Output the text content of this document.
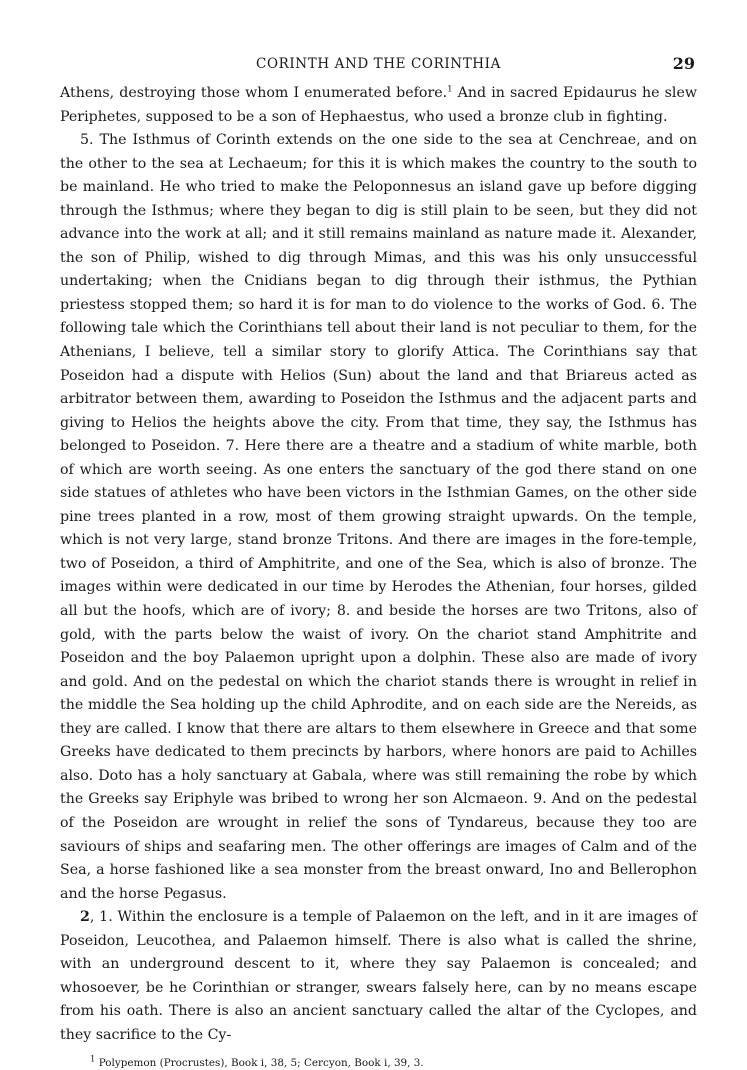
CORINTH AND THE CORINTHIA	29

Athens, destroying those whom I enumerated before.$^1$ And in sacred Epidaurus he slew Periphetes, supposed to be a son of Hephaestus, who used a bronze club in fighting.

5. The Isthmus of Corinth extends on the one side to the sea at Cenchreae, and on the other to the sea at Lechaeum; for this it is which makes the country to the south to be mainland. He who tried to make the Peloponnesus an island gave up before digging through the Isthmus; where they began to dig is still plain to be seen, but they did not advance into the work at all; and it still remains mainland as nature made it. Alexander, the son of Philip, wished to dig through Mimas, and this was his only unsuccessful undertaking; when the Cnidians began to dig through their isthmus, the Pythian priestess stopped them; so hard it is for man to do violence to the works of God. 6. The following tale which the Corinthians tell about their land is not peculiar to them, for the Athenians, I believe, tell a similar story to glorify Attica. The Corinthians say that Poseidon had a dispute with Helios (Sun) about the land and that Briareus acted as arbitrator between them, awarding to Poseidon the Isthmus and the adjacent parts and giving to Helios the heights above the city. From that time, they say, the Isthmus has belonged to Poseidon. 7. Here there are a theatre and a stadium of white marble, both of which are worth seeing. As one enters the sanctuary of the god there stand on one side statues of athletes who have been victors in the Isthmian Games, on the other side pine trees planted in a row, most of them growing straight upwards. On the temple, which is not very large, stand bronze Tritons. And there are images in the fore-temple, two of Poseidon, a third of Amphitrite, and one of the Sea, which is also of bronze. The images within were dedicated in our time by Herodes the Athenian, four horses, gilded all but the hoofs, which are of ivory; 8. and beside the horses are two Tritons, also of gold, with the parts below the waist of ivory. On the chariot stand Amphitrite and Poseidon and the boy Palaemon upright upon a dolphin. These also are made of ivory and gold. And on the pedestal on which the chariot stands there is wrought in relief in the middle the Sea holding up the child Aphrodite, and on each side are the Nereids, as they are called. I know that there are altars to them elsewhere in Greece and that some Greeks have dedicated to them precincts by harbors, where honors are paid to Achilles also. Doto has a holy sanctuary at Gabala, where was still remaining the robe by which the Greeks say Eriphyle was bribed to wrong her son Alcmaeon. 9. And on the pedestal of the Poseidon are wrought in relief the sons of Tyndareus, because they too are saviours of ships and seafaring men. The other offerings are images of Calm and of the Sea, a horse fashioned like a sea monster from the breast onward, Ino and Bellerophon and the horse Pegasus.

2, 1. Within the enclosure is a temple of Palaemon on the left, and in it are images of Poseidon, Leucothea, and Palaemon himself. There is also what is called the shrine, with an underground descent to it, where they say Palaemon is concealed; and whosoever, be he Corinthian or stranger, swears falsely here, can by no means escape from his oath. There is also an ancient sanctuary called the altar of the Cyclopes, and they sacrifice to the Cy-

$^1$ Polypemon (Procrustes), Book i, 38, 5; Cercyon, Book i, 39, 3.
